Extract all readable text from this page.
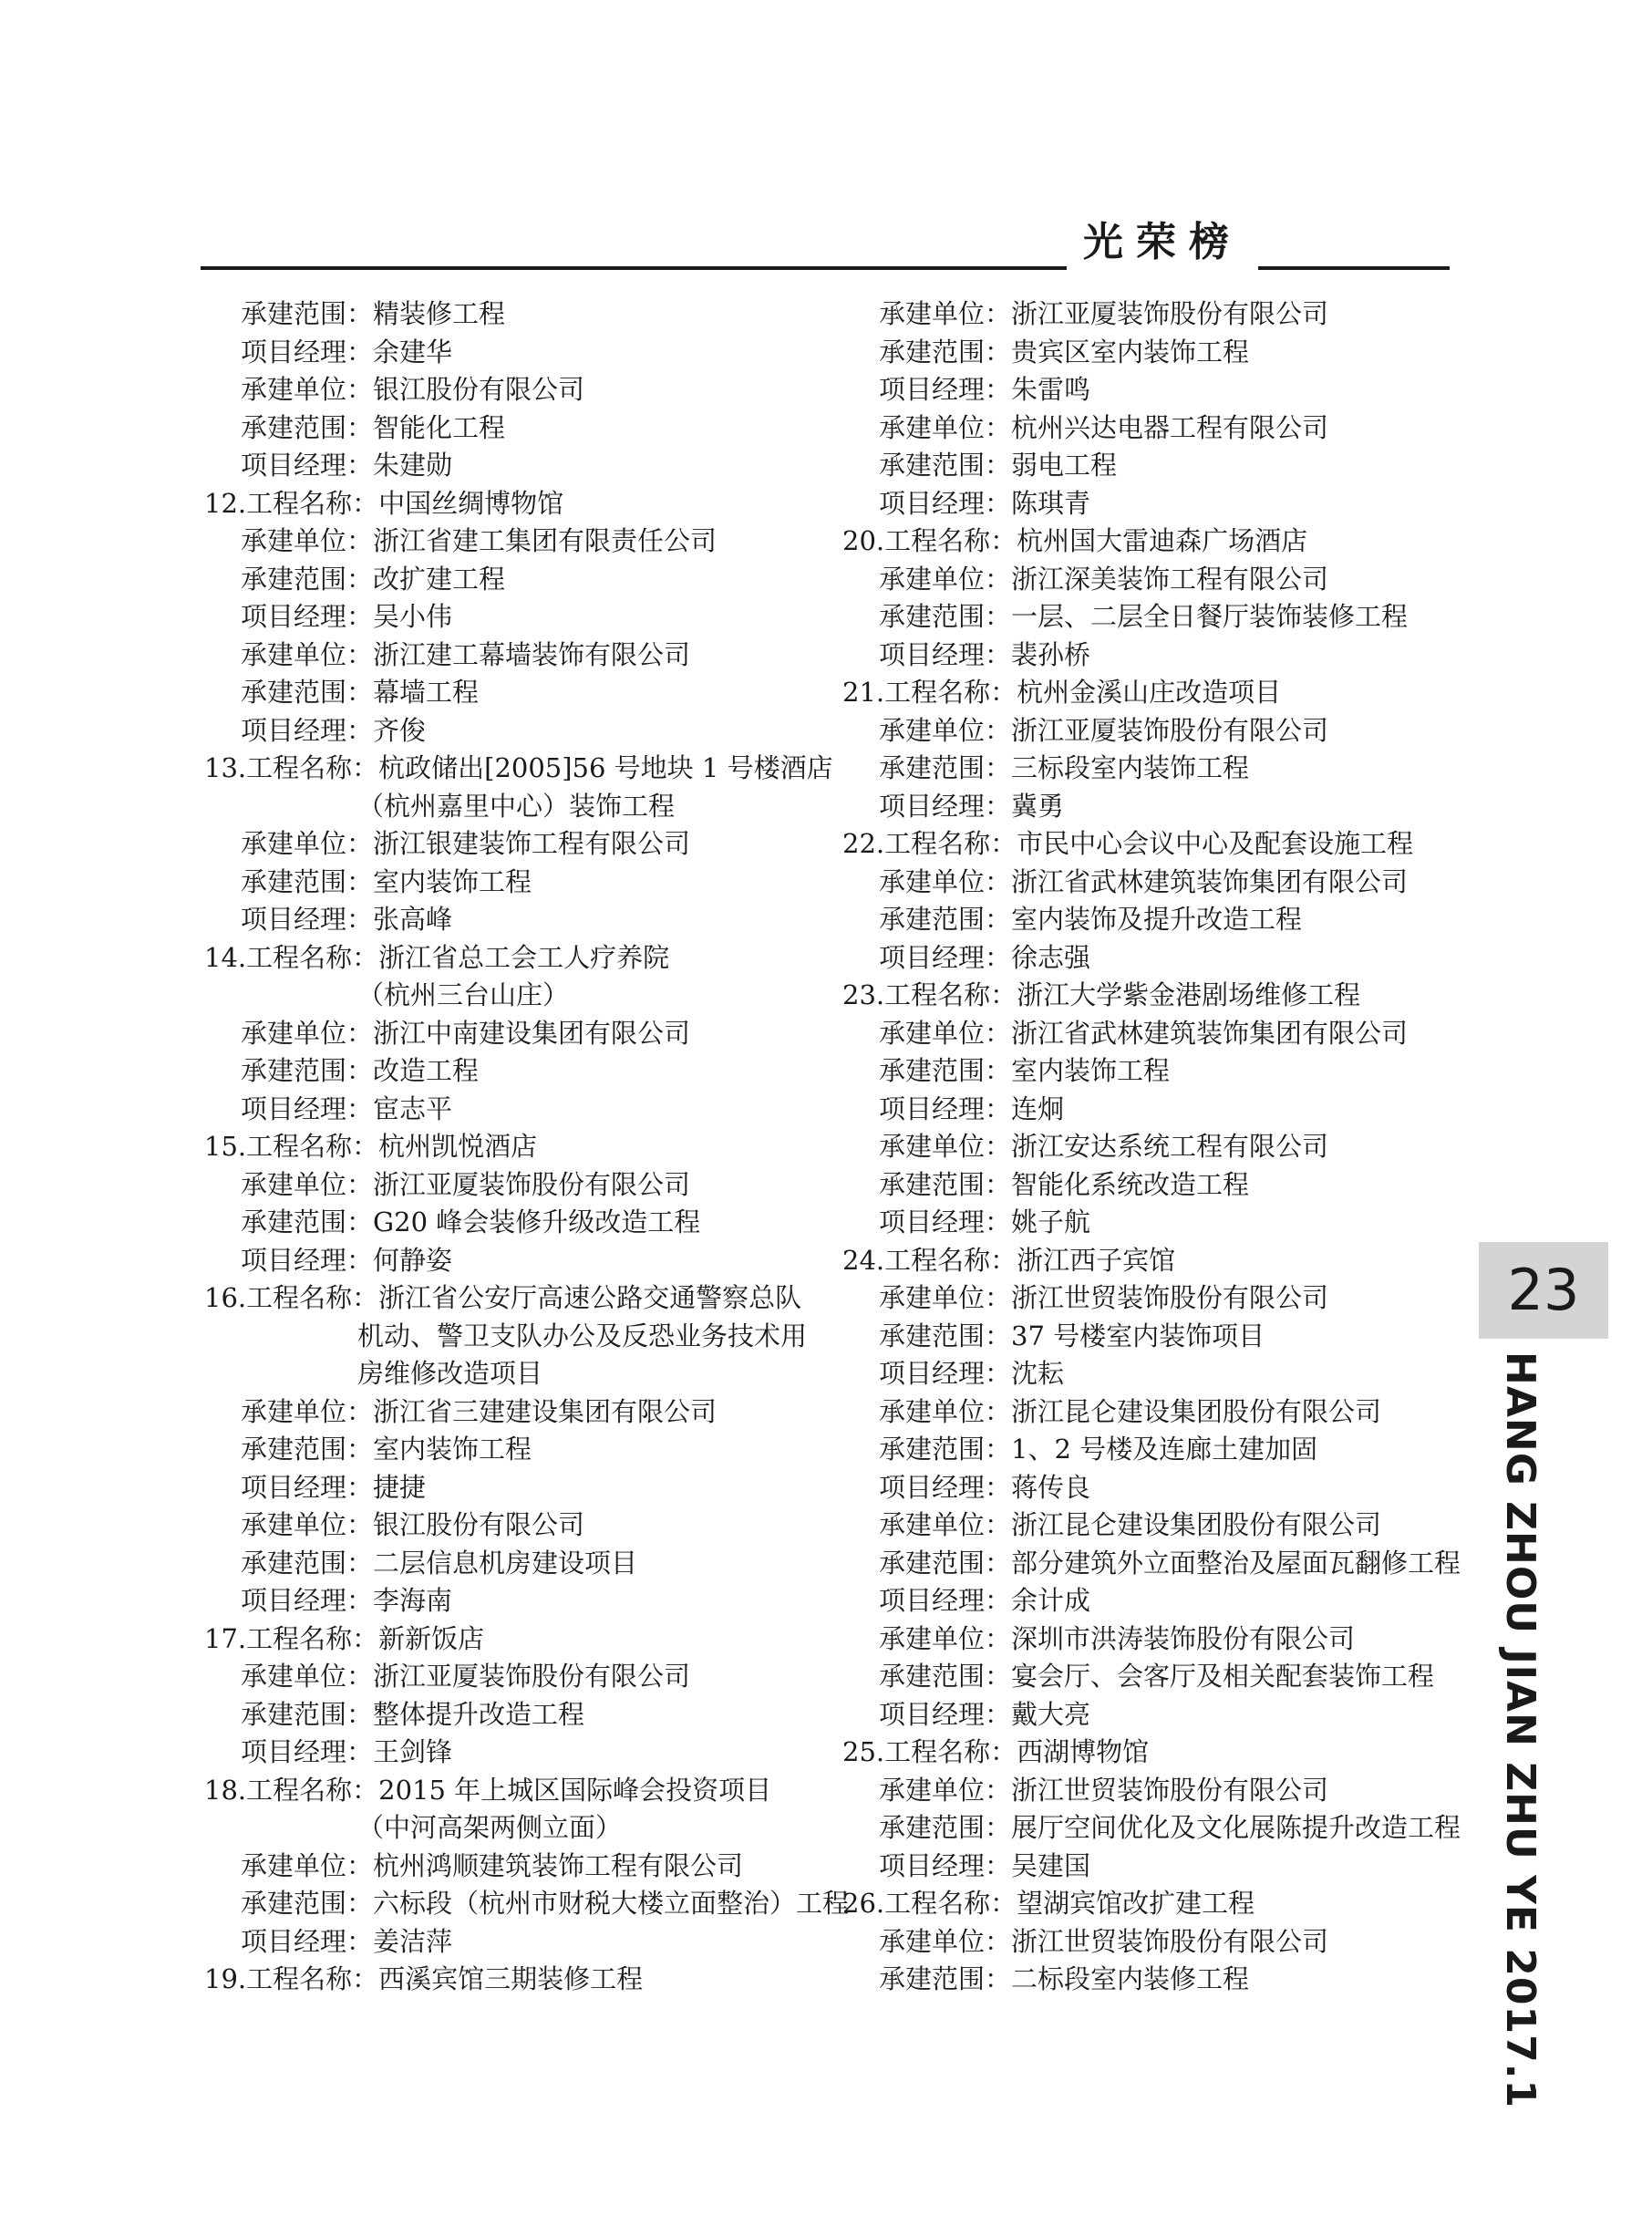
光荣榜
承建范围：精装修工程
项目经理：余建华
承建单位：银江股份有限公司
承建范围：智能化工程
项目经理：朱建勋
12.工程名称：中国丝绸博物馆
承建单位：浙江省建工集团有限责任公司
承建范围：改扩建工程
项目经理：吴小伟
承建单位：浙江建工幕墙装饰有限公司
承建范围：幕墙工程
项目经理：齐俊
13.工程名称：杭政储出[2005]56 号地块 1 号楼酒店
（杭州嘉里中心）装饰工程
承建单位：浙江银建装饰工程有限公司
承建范围：室内装饰工程
项目经理：张高峰
14.工程名称：浙江省总工会工人疗养院
（杭州三台山庄）
承建单位：浙江中南建设集团有限公司
承建范围：改造工程
项目经理：宦志平
15.工程名称：杭州凯悦酒店
承建单位：浙江亚厦装饰股份有限公司
承建范围：G20 峰会装修升级改造工程
项目经理：何静姿
16.工程名称：浙江省公安厅高速公路交通警察总队
机动、警卫支队办公及反恐业务技术用
房维修改造项目
承建单位：浙江省三建建设集团有限公司
承建范围：室内装饰工程
项目经理：捷捷
承建单位：银江股份有限公司
承建范围：二层信息机房建设项目
项目经理：李海南
17.工程名称：新新饭店
承建单位：浙江亚厦装饰股份有限公司
承建范围：整体提升改造工程
项目经理：王剑锋
18.工程名称：2015 年上城区国际峰会投资项目
（中河高架两侧立面）
承建单位：杭州鸿顺建筑装饰工程有限公司
承建范围：六标段（杭州市财税大楼立面整治）工程
项目经理：姜洁萍
19.工程名称：西溪宾馆三期装修工程
承建单位：浙江亚厦装饰股份有限公司
承建范围：贵宾区室内装饰工程
项目经理：朱雷鸣
承建单位：杭州兴达电器工程有限公司
承建范围：弱电工程
项目经理：陈琪青
20.工程名称：杭州国大雷迪森广场酒店
承建单位：浙江深美装饰工程有限公司
承建范围：一层、二层全日餐厅装饰装修工程
项目经理：裴孙桥
21.工程名称：杭州金溪山庄改造项目
承建单位：浙江亚厦装饰股份有限公司
承建范围：三标段室内装饰工程
项目经理：冀勇
22.工程名称：市民中心会议中心及配套设施工程
承建单位：浙江省武林建筑装饰集团有限公司
承建范围：室内装饰及提升改造工程
项目经理：徐志强
23.工程名称：浙江大学紫金港剧场维修工程
承建单位：浙江省武林建筑装饰集团有限公司
承建范围：室内装饰工程
项目经理：连炯
承建单位：浙江安达系统工程有限公司
承建范围：智能化系统改造工程
项目经理：姚子航
24.工程名称：浙江西子宾馆
承建单位：浙江世贸装饰股份有限公司
承建范围：37 号楼室内装饰项目
项目经理：沈耘
承建单位：浙江昆仑建设集团股份有限公司
承建范围：1、2 号楼及连廊土建加固
项目经理：蒋传良
承建单位：浙江昆仑建设集团股份有限公司
承建范围：部分建筑外立面整治及屋面瓦翻修工程
项目经理：余计成
承建单位：深圳市洪涛装饰股份有限公司
承建范围：宴会厅、会客厅及相关配套装饰工程
项目经理：戴大亮
25.工程名称：西湖博物馆
承建单位：浙江世贸装饰股份有限公司
承建范围：展厅空间优化及文化展陈提升改造工程
项目经理：吴建国
26.工程名称：望湖宾馆改扩建工程
承建单位：浙江世贸装饰股份有限公司
承建范围：二标段室内装修工程
23
HANG ZHOU JIAN ZHU YE 2017.1
